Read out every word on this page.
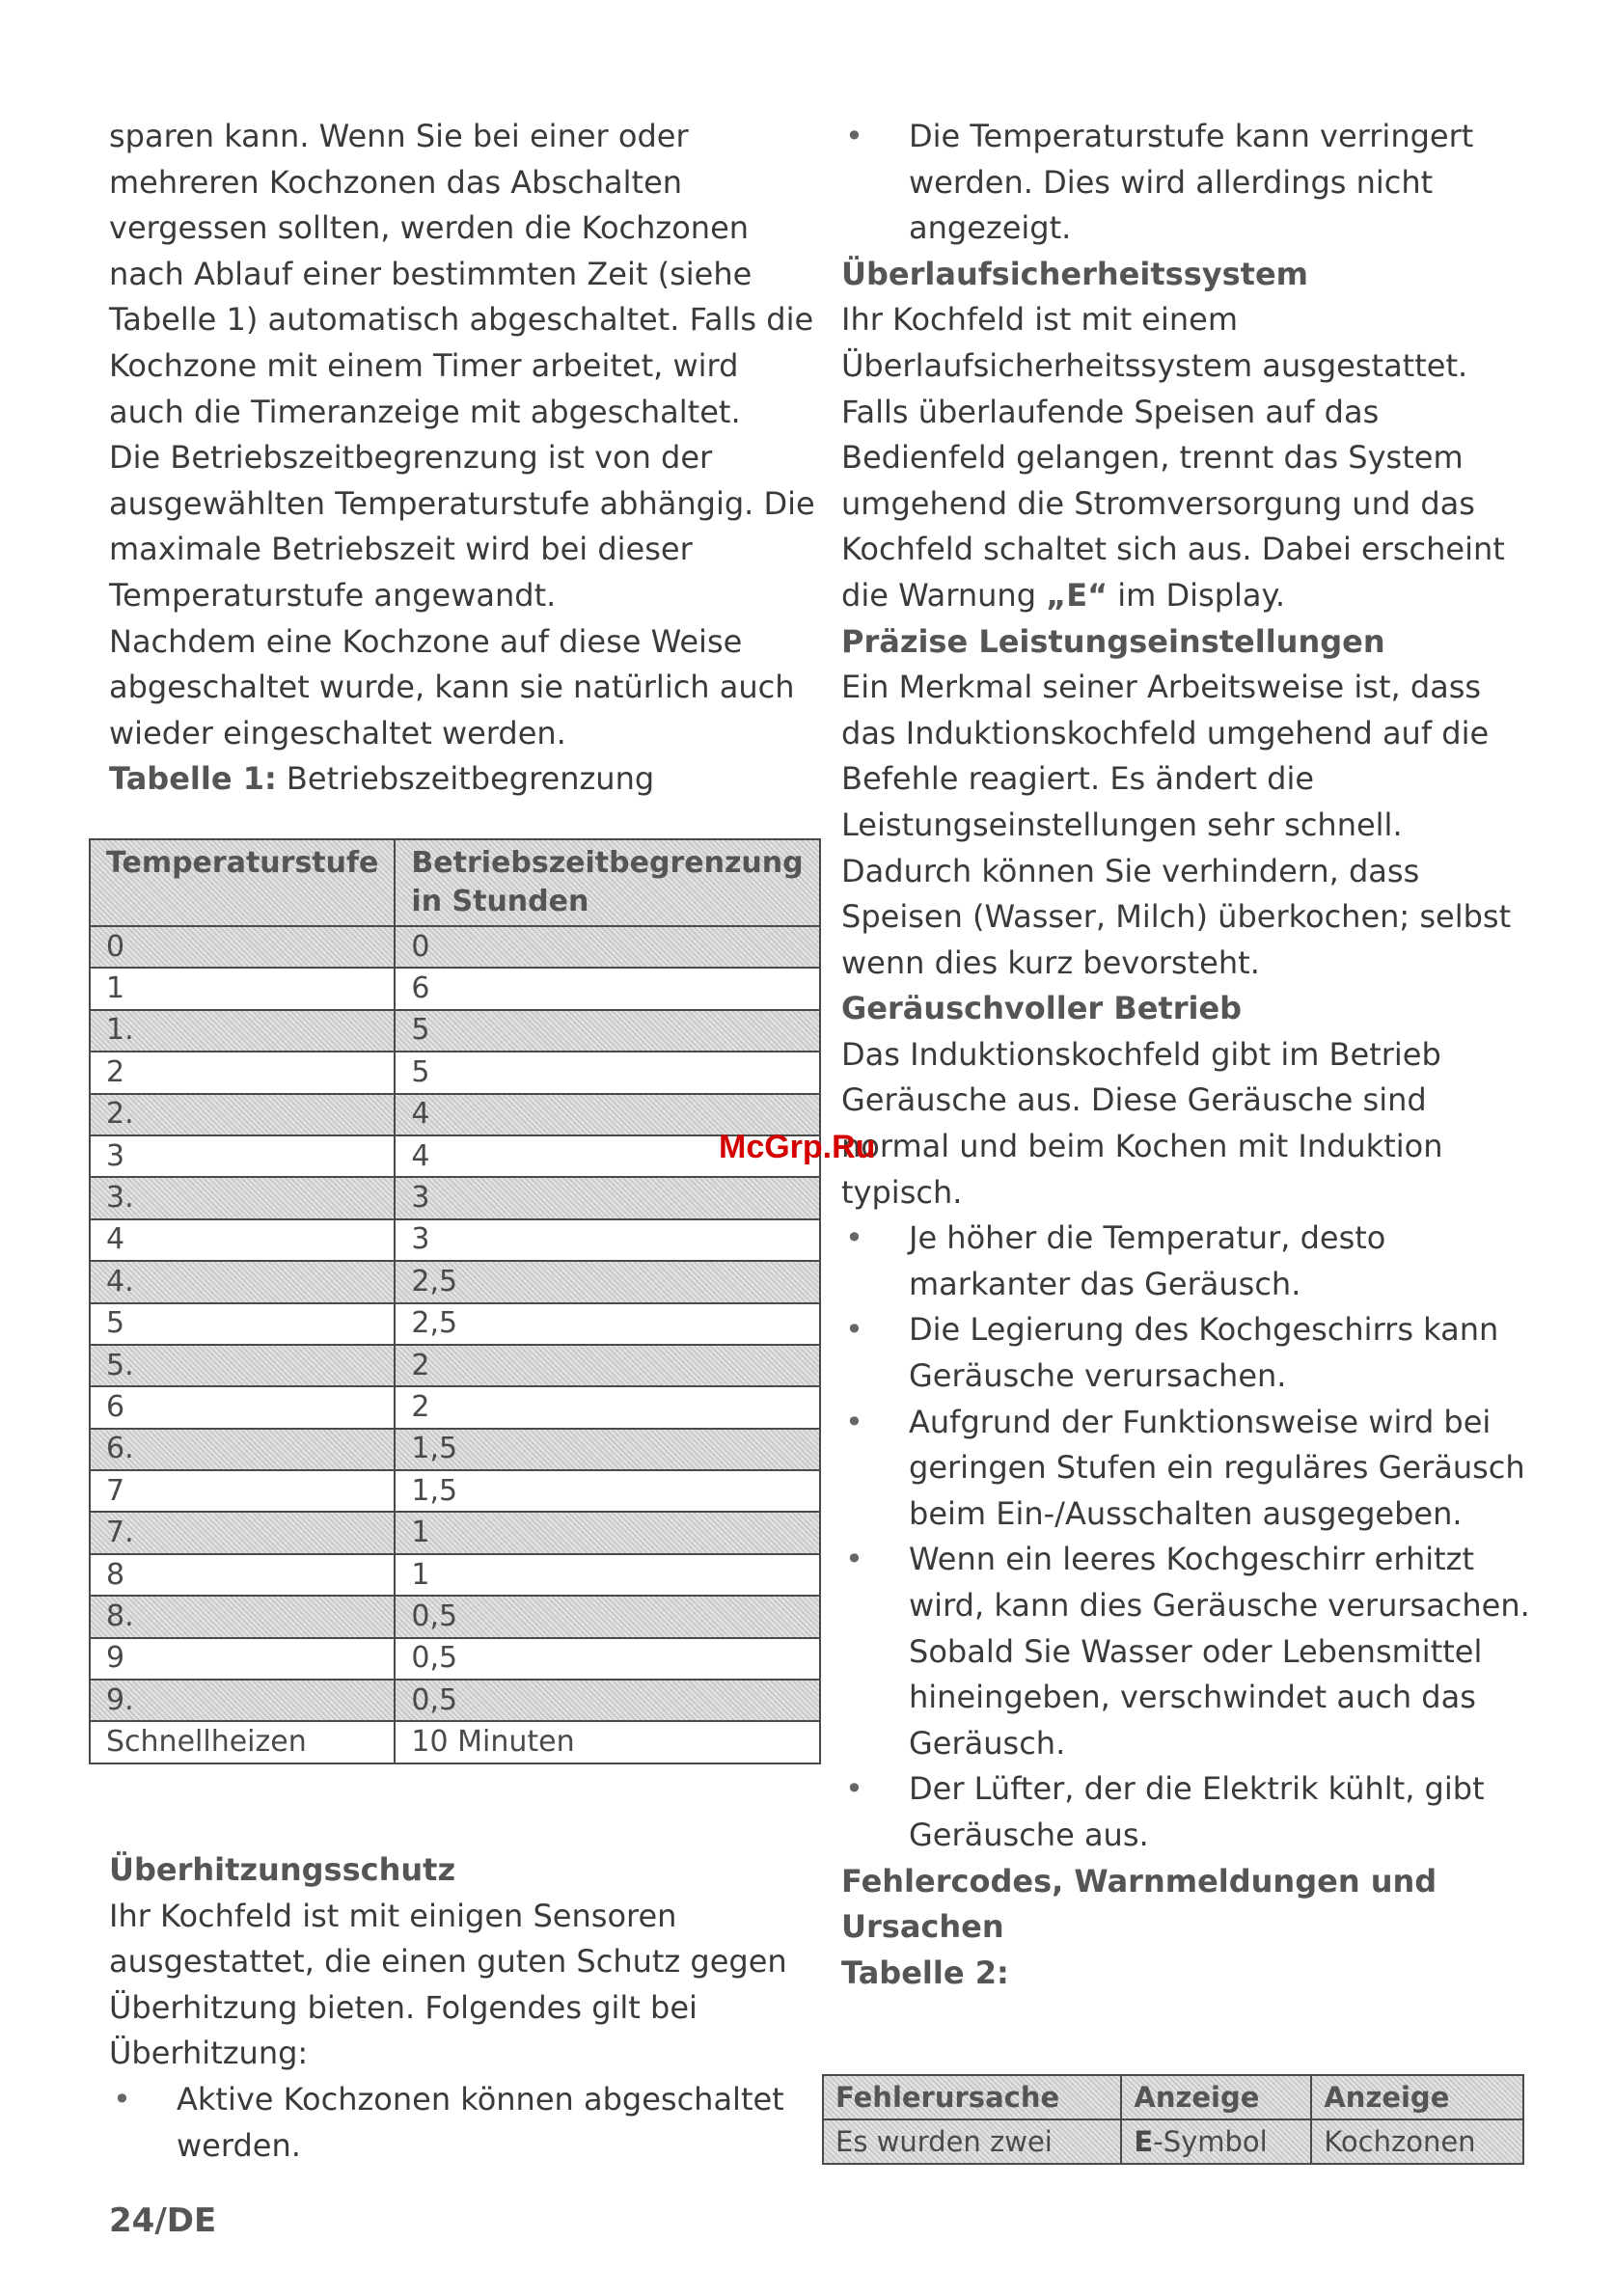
sparen kann. Wenn Sie bei einer oder mehreren Kochzonen das Abschalten vergessen sollten, werden die Kochzonen nach Ablauf einer bestimmten Zeit (siehe Tabelle 1) automatisch abgeschaltet. Falls die Kochzone mit einem Timer arbeitet, wird auch die Timeranzeige mit abgeschaltet.

Die Betriebszeitbegrenzung ist von der ausgewählten Temperaturstufe abhängig. Die maximale Betriebszeit wird bei dieser Temperaturstufe angewandt.

Nachdem eine Kochzone auf diese Weise abgeschaltet wurde, kann sie natürlich auch wieder eingeschaltet werden.

Tabelle 1: Betriebszeitbegrenzung

Temperaturstufe	Betriebszeitbegrenzung in Stunden
0	0
1	6
1.	5
2	5
2.	4
3	4
3.	3
4	3
4.	2,5
5	2,5
5.	2
6	2
6.	1,5
7	1,5
7.	1
8	1
8.	0,5
9	0,5
9.	0,5
Schnellheizen	10 Minuten

Überhitzungsschutz

Ihr Kochfeld ist mit einigen Sensoren ausgestattet, die einen guten Schutz gegen Überhitzung bieten. Folgendes gilt bei Überhitzung:

• Aktive Kochzonen können abgeschaltet werden.
• Die Temperaturstufe kann verringert werden. Dies wird allerdings nicht angezeigt.

Überlaufsicherheitssystem

Ihr Kochfeld ist mit einem Überlaufsicherheitssystem ausgestattet. Falls überlaufende Speisen auf das Bedienfeld gelangen, trennt das System umgehend die Stromversorgung und das Kochfeld schaltet sich aus. Dabei erscheint die Warnung „E“ im Display.

Präzise Leistungseinstellungen

Ein Merkmal seiner Arbeitsweise ist, dass das Induktionskochfeld umgehend auf die Befehle reagiert. Es ändert die Leistungseinstellungen sehr schnell. Dadurch können Sie verhindern, dass Speisen (Wasser, Milch) überkochen; selbst wenn dies kurz bevorsteht.

Geräuschvoller Betrieb

Das Induktionskochfeld gibt im Betrieb Geräusche aus. Diese Geräusche sind normal und beim Kochen mit Induktion typisch.

• Je höher die Temperatur, desto markanter das Geräusch.
• Die Legierung des Kochgeschirrs kann Geräusche verursachen.
• Aufgrund der Funktionsweise wird bei geringen Stufen ein reguläres Geräusch beim Ein-/Ausschalten ausgegeben.
• Wenn ein leeres Kochgeschirr erhitzt wird, kann dies Geräusche verursachen. Sobald Sie Wasser oder Lebensmittel hineingeben, verschwindet auch das Geräusch.
• Der Lüfter, der die Elektrik kühlt, gibt Geräusche aus.

Fehlercodes, Warnmeldungen und Ursachen

Tabelle 2:

Fehlerursache	Anzeige	Anzeige
Es wurden zwei	E-Symbol	Kochzonen
McGrp.Ru
24/DE
